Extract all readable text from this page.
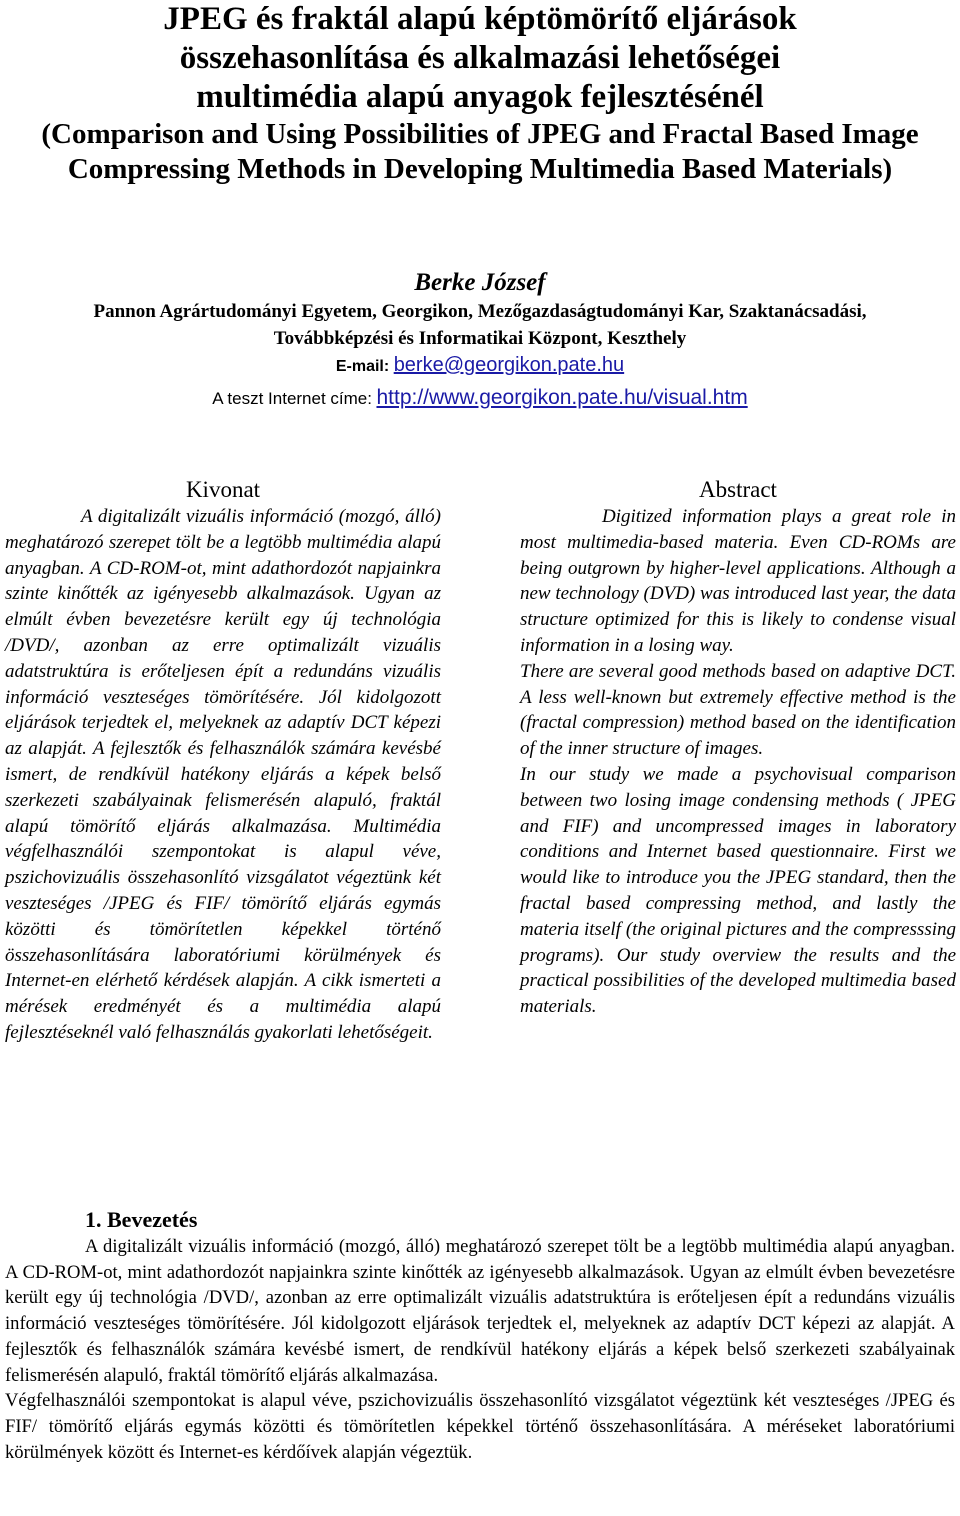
JPEG és fraktál alapú képtömörítő eljárások
összehasonlítása és alkalmazási lehetőségei
multimédia alapú anyagok fejlesztésénél
(Comparison and Using Possibilities of JPEG and Fractal Based Image
Compressing Methods in Developing Multimedia Based Materials)
Berke József
Pannon Agrártudományi Egyetem, Georgikon, Mezőgazdaságtudományi Kar, Szaktanácsadási,
Továbbképzési és Informatikai Központ, Keszthely
E-mail: berke@georgikon.pate.hu
A teszt Internet címe: http://www.georgikon.pate.hu/visual.htm
Kivonat

A digitalizált vizuális információ (mozgó, álló) meghatározó szerepet tölt be a legtöbb multimédia alapú anyagban. A CD-ROM-ot, mint adathordozót napjainkra szinte kinőtték az igényesebb alkalmazások. Ugyan az elmúlt évben bevezetésre került egy új technológia /DVD/, azonban az erre optimalizált vizuális adatstruktúra is erőteljesen épít a redundáns vizuális információ veszteséges tömörítésére. Jól kidolgozott eljárások terjedtek el, melyeknek az adaptív DCT képezi az alapját. A fejlesztők és felhasználók számára kevésbé ismert, de rendkívül hatékony eljárás a képek belső szerkezeti szabályainak felismerésén alapuló, fraktál alapú tömörítő eljárás alkalmazása. Multimédia végfelhasználói szempontokat is alapul véve, pszichovizuális összehasonlító vizsgálatot végeztünk két veszteséges /JPEG és FIF/ tömörítő eljárás egymás közötti és tömörítetlen képekkel történő összehasonlítására laboratóriumi körülmények és Internet-en elérhető kérdések alapján. A cikk ismerteti a mérések eredményét és a multimédia alapú fejlesztéseknél való felhasználás gyakorlati lehetőségeit.

Abstract

Digitized information plays a great role in most multimedia-based materia. Even CD-ROMs are being outgrown by higher-level applications. Although a new technology (DVD) was introduced last year, the data structure optimized for this is likely to condense visual information in a losing way.

There are several good methods based on adaptive DCT. A less well-known but extremely effective method is the (fractal compression) method based on the identification of the inner structure of images.

In our study we made a psychovisual comparison between two losing image condensing methods ( JPEG and FIF) and uncompressed images in laboratory conditions and Internet based questionnaire. First we would like to introduce you the JPEG standard, then the fractal based compressing method, and lastly the materia itself (the original pictures and the compresssing programs). Our study overview the results and the practical possibilities of the developed multimedia based materials.

1. Bevezetés

A digitalizált vizuális információ (mozgó, álló) meghatározó szerepet tölt be a legtöbb multimédia alapú anyagban. A CD-ROM-ot, mint adathordozót napjainkra szinte kinőtték az igényesebb alkalmazások. Ugyan az elmúlt évben bevezetésre került egy új technológia /DVD/, azonban az erre optimalizált vizuális adatstruktúra is erőteljesen épít a redundáns vizuális információ veszteséges tömörítésére. Jól kidolgozott eljárások terjedtek el, melyeknek az adaptív DCT képezi az alapját. A fejlesztők és felhasználók számára kevésbé ismert, de rendkívül hatékony eljárás a képek belső szerkezeti szabályainak felismerésén alapuló, fraktál tömörítő eljárás alkalmazása.

Végfelhasználói szempontokat is alapul véve, pszichovizuális összehasonlító vizsgálatot végeztünk két veszteséges /JPEG és FIF/ tömörítő eljárás egymás közötti és tömörítetlen képekkel történő összehasonlítására. A méréseket laboratóriumi körülmények között és Internet-es kérdőívek alapján végeztük.
